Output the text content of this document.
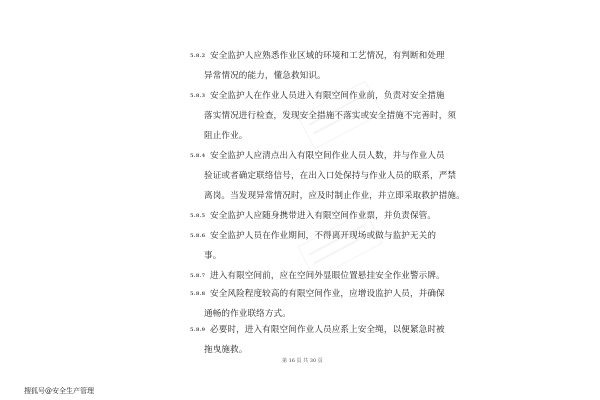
5.8.2 安全监护人应熟悉作业区域的环境和工艺情况，有判断和处理
异常情况的能力，懂急救知识。
5.8.3 安全监护人在作业人员进入有限空间作业前，负责对安全措施
落实情况进行检查，发现安全措施不落实或安全措施不完善时，须
阻止作业。
5.8.4 安全监护人应清点出入有限空间作业人员人数，并与作业人员
验证或者确定联络信号，在出入口处保持与作业人员的联系，严禁
离岗。当发现异常情况时，应及时制止作业，并立即采取救护措施。
5.8.5 安全监护人应随身携带进入有限空间作业票，并负责保管。
5.8.6 安全监护人员在作业期间，不得离开现场或做与监护无关的
事。
5.8.7 进入有限空间前，应在空间外显眼位置悬挂安全作业警示牌。
5.8.8 安全风险程度较高的有限空间作业，应增设监护人员，并确保
通畅的作业联络方式。
5.8.9 必要时，进入有限空间作业人员应系上安全绳，以便紧急时被
拖曳施救。
第 16 页 共 30 页
搜狐号@安全生产管理
